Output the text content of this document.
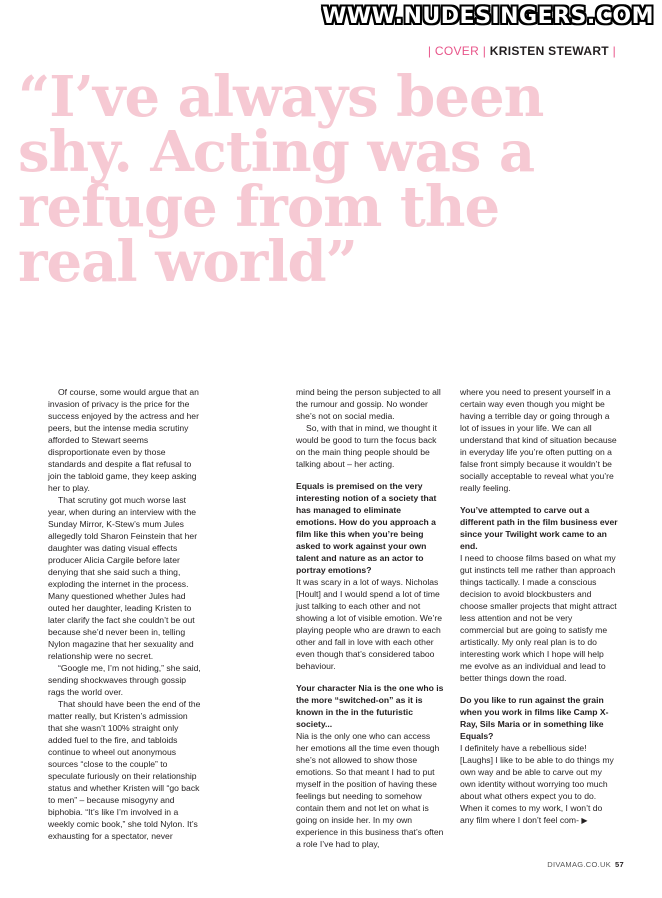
WWW.NUDESINGERS.COM
| COVER | KRISTEN STEWART |
“I’ve always been shy. Acting was a refuge from the real world”

Of course, some would argue that an invasion of privacy is the price for the success enjoyed by the actress and her peers, but the intense media scrutiny afforded to Stewart seems disproportionate even by those standards and despite a flat refusal to join the tabloid game, they keep asking her to play.

That scrutiny got much worse last year, when during an interview with the Sunday Mirror, K-Stew’s mum Jules allegedly told Sharon Feinstein that her daughter was dating visual effects producer Alicia Cargile before later denying that she said such a thing, exploding the internet in the process. Many questioned whether Jules had outed her daughter, leading Kristen to later clarify the fact she couldn’t be out because she’d never been in, telling Nylon magazine that her sexuality and relationship were no secret.

“Google me, I’m not hiding,” she said, sending shockwaves through gossip rags the world over.

That should have been the end of the matter really, but Kristen’s admission that she wasn’t 100% straight only added fuel to the fire, and tabloids continue to wheel out anonymous sources “close to the couple” to speculate furiously on their relationship status and whether Kristen will “go back to men” – because misogyny and biphobia. “It’s like I’m involved in a weekly comic book,” she told Nylon. It’s exhausting for a spectator, never

mind being the person subjected to all the rumour and gossip. No wonder she’s not on social media.

So, with that in mind, we thought it would be good to turn the focus back on the main thing people should be talking about – her acting.

Equals is premised on the very interesting notion of a society that has managed to eliminate emotions. How do you approach a film like this when you’re being asked to work against your own talent and nature as an actor to portray emotions?

It was scary in a lot of ways. Nicholas [Hoult] and I would spend a lot of time just talking to each other and not showing a lot of visible emotion. We’re playing people who are drawn to each other and fall in love with each other even though that’s considered taboo behaviour.

Your character Nia is the one who is the more “switched-on” as it is known in the in the futuristic society...

Nia is the only one who can access her emotions all the time even though she’s not allowed to show those emotions. So that meant I had to put myself in the position of having these feelings but needing to somehow contain them and not let on what is going on inside her. In my own experience in this business that’s often a role I’ve had to play,

where you need to present yourself in a certain way even though you might be having a terrible day or going through a lot of issues in your life. We can all understand that kind of situation because in everyday life you’re often putting on a false front simply because it wouldn’t be socially acceptable to reveal what you’re really feeling.

You’ve attempted to carve out a different path in the film business ever since your Twilight work came to an end.

I need to choose films based on what my gut instincts tell me rather than approach things tactically. I made a conscious decision to avoid blockbusters and choose smaller projects that might attract less attention and not be very commercial but are going to satisfy me artistically. My only real plan is to do interesting work which I hope will help me evolve as an individual and lead to better things down the road.

Do you like to run against the grain when you work in films like Camp X-Ray, Sils Maria or in something like Equals?

I definitely have a rebellious side! [Laughs] I like to be able to do things my own way and be able to carve out my own identity without worrying too much about what others expect you to do. When it comes to my work, I won’t do any film where I don’t feel com- ▶

DIVAMAG.CO.UK 57
